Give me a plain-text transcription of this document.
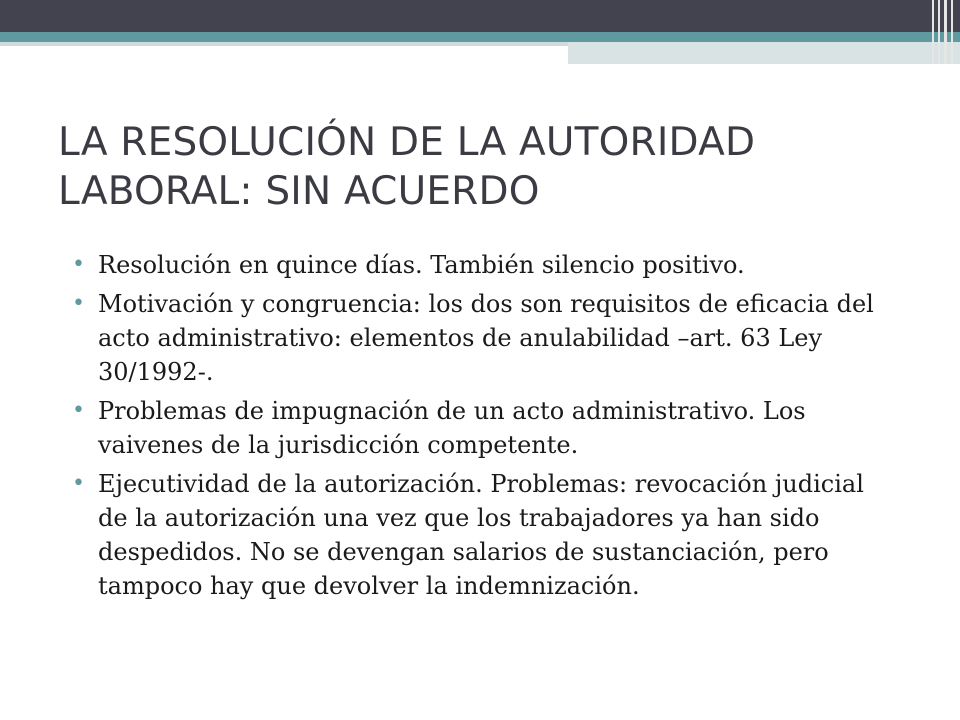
LA RESOLUCIÓN DE LA AUTORIDAD LABORAL: SIN ACUERDO
• Resolución en quince días. También silencio positivo.
• Motivación y congruencia: los dos son requisitos de eficacia del acto administrativo: elementos de anulabilidad –art. 63 Ley 30/1992-.
• Problemas de impugnación de un acto administrativo. Los vaivenes de la jurisdicción competente.
• Ejecutividad de la autorización. Problemas: revocación judicial de la autorización una vez que los trabajadores ya han sido despedidos. No se devengan salarios de sustanciación, pero tampoco hay que devolver la indemnización.
